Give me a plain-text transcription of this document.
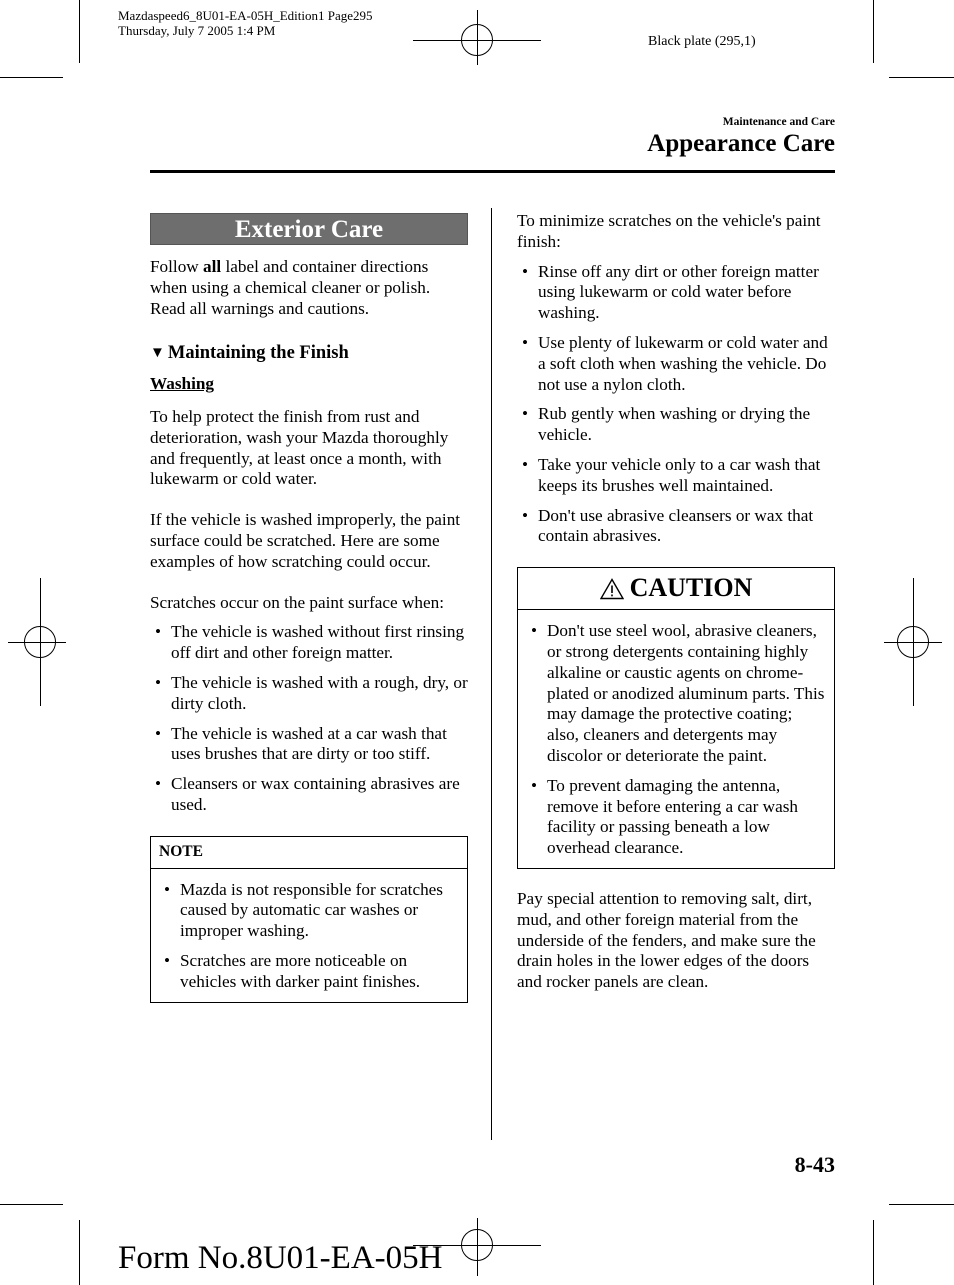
Mazdaspeed6_8U01-EA-05H_Edition1 Page295
Thursday, July 7 2005 1:4 PM
Black plate (295,1)
Maintenance and Care
Appearance Care
Exterior Care

Follow all label and container directions when using a chemical cleaner or polish. Read all warnings and cautions.

▼ Maintaining the Finish
Washing

To help protect the finish from rust and deterioration, wash your Mazda thoroughly and frequently, at least once a month, with lukewarm or cold water.

If the vehicle is washed improperly, the paint surface could be scratched. Here are some examples of how scratching could occur.

Scratches occur on the paint surface when:

• The vehicle is washed without first rinsing off dirt and other foreign matter.
• The vehicle is washed with a rough, dry, or dirty cloth.
• The vehicle is washed at a car wash that uses brushes that are dirty or too stiff.
• Cleansers or wax containing abrasives are used.
NOTE
• Mazda is not responsible for scratches caused by automatic car washes or improper washing.
• Scratches are more noticeable on vehicles with darker paint finishes.

To minimize scratches on the vehicle's paint finish:

• Rinse off any dirt or other foreign matter using lukewarm or cold water before washing.
• Use plenty of lukewarm or cold water and a soft cloth when washing the vehicle. Do not use a nylon cloth.
• Rub gently when washing or drying the vehicle.
• Take your vehicle only to a car wash that keeps its brushes well maintained.
• Don't use abrasive cleansers or wax that contain abrasives.
CAUTION
• Don't use steel wool, abrasive cleaners, or strong detergents containing highly alkaline or caustic agents on chrome-plated or anodized aluminum parts. This may damage the protective coating; also, cleaners and detergents may discolor or deteriorate the paint.
• To prevent damaging the antenna, remove it before entering a car wash facility or passing beneath a low overhead clearance.

Pay special attention to removing salt, dirt, mud, and other foreign material from the underside of the fenders, and make sure the drain holes in the lower edges of the doors and rocker panels are clean.

8-43
Form No.8U01-EA-05H
